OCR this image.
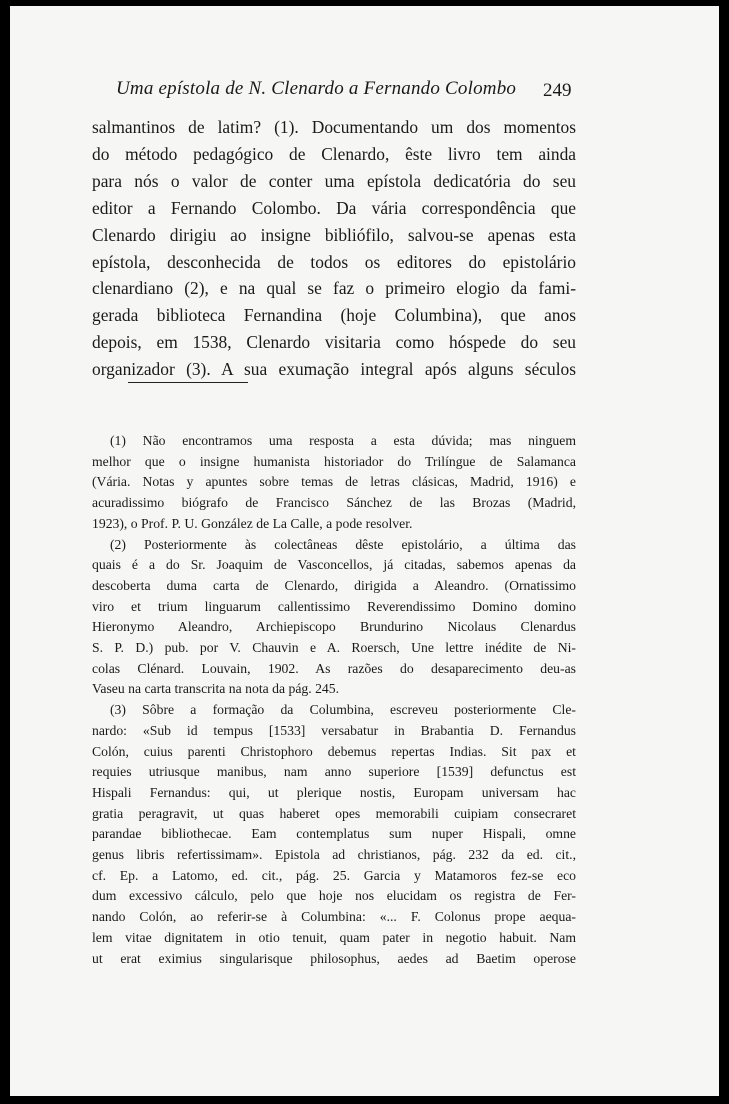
Uma epístola de N. Clenardo a Fernando Colombo 249
salmantinos de latim? (1). Documentando um dos momentos
do método pedagógico de Clenardo, êste livro tem ainda
para nós o valor de conter uma epístola dedicatória do seu
editor a Fernando Colombo. Da vária correspondência que
Clenardo dirigiu ao insigne bibliófilo, salvou-se apenas esta
epístola, desconhecida de todos os editores do epistolário
clenardiano (2), e na qual se faz o primeiro elogio da fami-
gerada biblioteca Fernandina (hoje Columbina), que anos
depois, em 1538, Clenardo visitaria como hóspede do seu
organizador (3). A sua exumação integral após alguns séculos
(1) Não encontramos uma resposta a esta dúvida; mas ninguem
melhor que o insigne humanista historiador do Trilíngue de Salamanca
(Vária. Notas y apuntes sobre temas de letras clásicas, Madrid, 1916) e
acuradissimo biógrafo de Francisco Sánchez de las Brozas (Madrid,
1923), o Prof. P. U. González de La Calle, a pode resolver.
(2) Posteriormente às colectâneas dêste epistolário, a última das
quais é a do Sr. Joaquim de Vasconcellos, já citadas, sabemos apenas da
descoberta duma carta de Clenardo, dirigida a Aleandro. (Ornatissimo
viro et trium linguarum callentissimo Reverendissimo Domino domino
Hieronymo Aleandro, Archiepiscopo Brundurino Nicolaus Clenardus
S. P. D.) pub. por V. Chauvin e A. Roersch, Une lettre inédite de Ni-
colas Clénard. Louvain, 1902. As razões do desaparecimento deu-as
Vaseu na carta transcrita na nota da pág. 245.
(3) Sôbre a formação da Columbina, escreveu posteriormente Cle-
nardo: «Sub id tempus [1533] versabatur in Brabantia D. Fernandus
Colón, cuius parenti Christophoro debemus repertas Indias. Sit pax et
requies utriusque manibus, nam anno superiore [1539] defunctus est
Hispali Fernandus: qui, ut plerique nostis, Europam universam hac
gratia peragravit, ut quas haberet opes memorabili cuipiam consecraret
parandae bibliothecae. Eam contemplatus sum nuper Hispali, omne
genus libris refertissimam». Epistola ad christianos, pág. 232 da ed. cit.,
cf. Ep. a Latomo, ed. cit., pág. 25. Garcia y Matamoros fez-se eco
dum excessivo cálculo, pelo que hoje nos elucidam os registra de Fer-
nando Colón, ao referir-se à Columbina: «... F. Colonus prope aequa-
lem vitae dignitatem in otio tenuit, quam pater in negotio habuit. Nam
ut erat eximius singularisque philosophus, aedes ad Baetim operose
